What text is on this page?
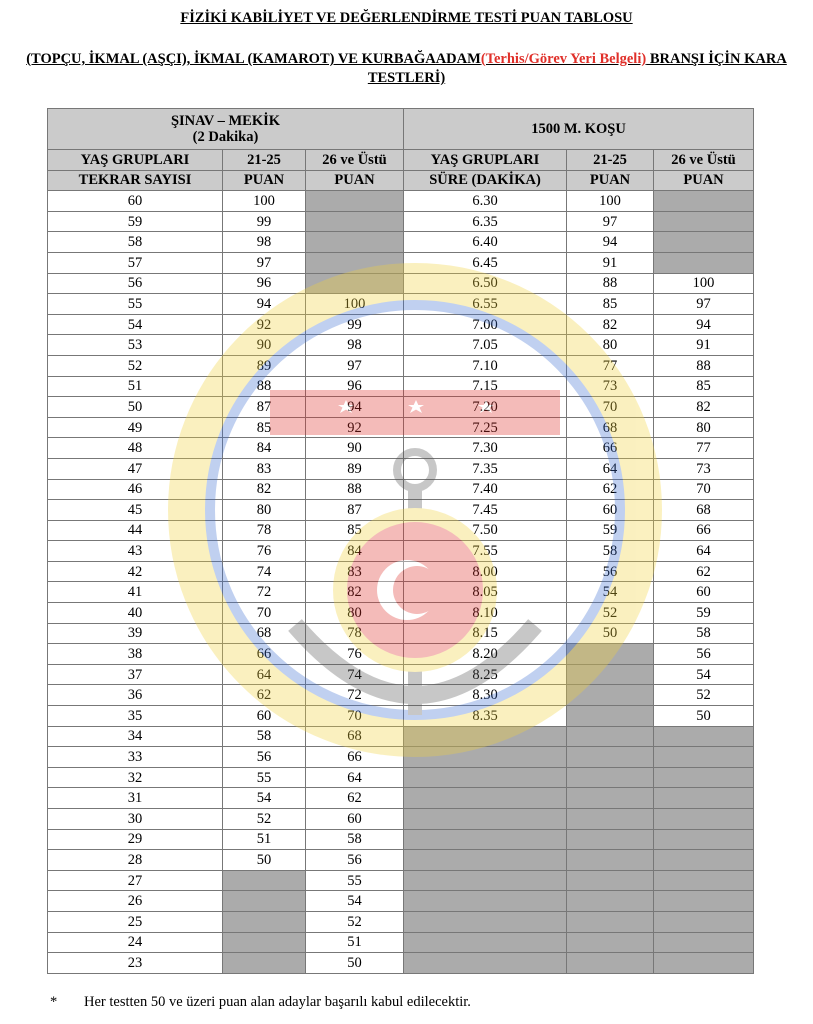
FİZİKİ KABİLİYET VE DEĞERLENDİRME TESTİ PUAN TABLOSU
(TOPÇU, İKMAL (AŞÇI), İKMAL (KAMAROT) VE KURBAĞAADAM(Terhis/Görev Yeri Belgeli) BRANŞI İÇİN KARA TESTLERİ)
ŞINAV – MEKİK
(2 Dakika)			1500 M. KOŞU		
YAŞ GRUPLARI	21-25	26 ve Üstü	YAŞ GRUPLARI	21-25	26 ve Üstü
TEKRAR SAYISI	PUAN	PUAN	SÜRE (DAKİKA)	PUAN	PUAN
60	100		6.30	100	
59	99		6.35	97	
58	98		6.40	94	
57	97		6.45	91	
56	96		6.50	88	100
55	94	100	6.55	85	97
54	92	99	7.00	82	94
53	90	98	7.05	80	91
52	89	97	7.10	77	88
51	88	96	7.15	73	85
50	87	94	7.20	70	82
49	85	92	7.25	68	80
48	84	90	7.30	66	77
47	83	89	7.35	64	73
46	82	88	7.40	62	70
45	80	87	7.45	60	68
44	78	85	7.50	59	66
43	76	84	7.55	58	64
42	74	83	8.00	56	62
41	72	82	8.05	54	60
40	70	80	8.10	52	59
39	68	78	8.15	50	58
38	66	76	8.20		56
37	64	74	8.25		54
36	62	72	8.30		52
35	60	70	8.35		50
34	58	68			
33	56	66			
32	55	64			
31	54	62			
30	52	60			
29	51	58			
28	50	56			
27		55			
26		54			
25		52			
24		51			
23		50			
* Her testten 50 ve üzeri puan alan adaylar başarılı kabul edilecektir.
